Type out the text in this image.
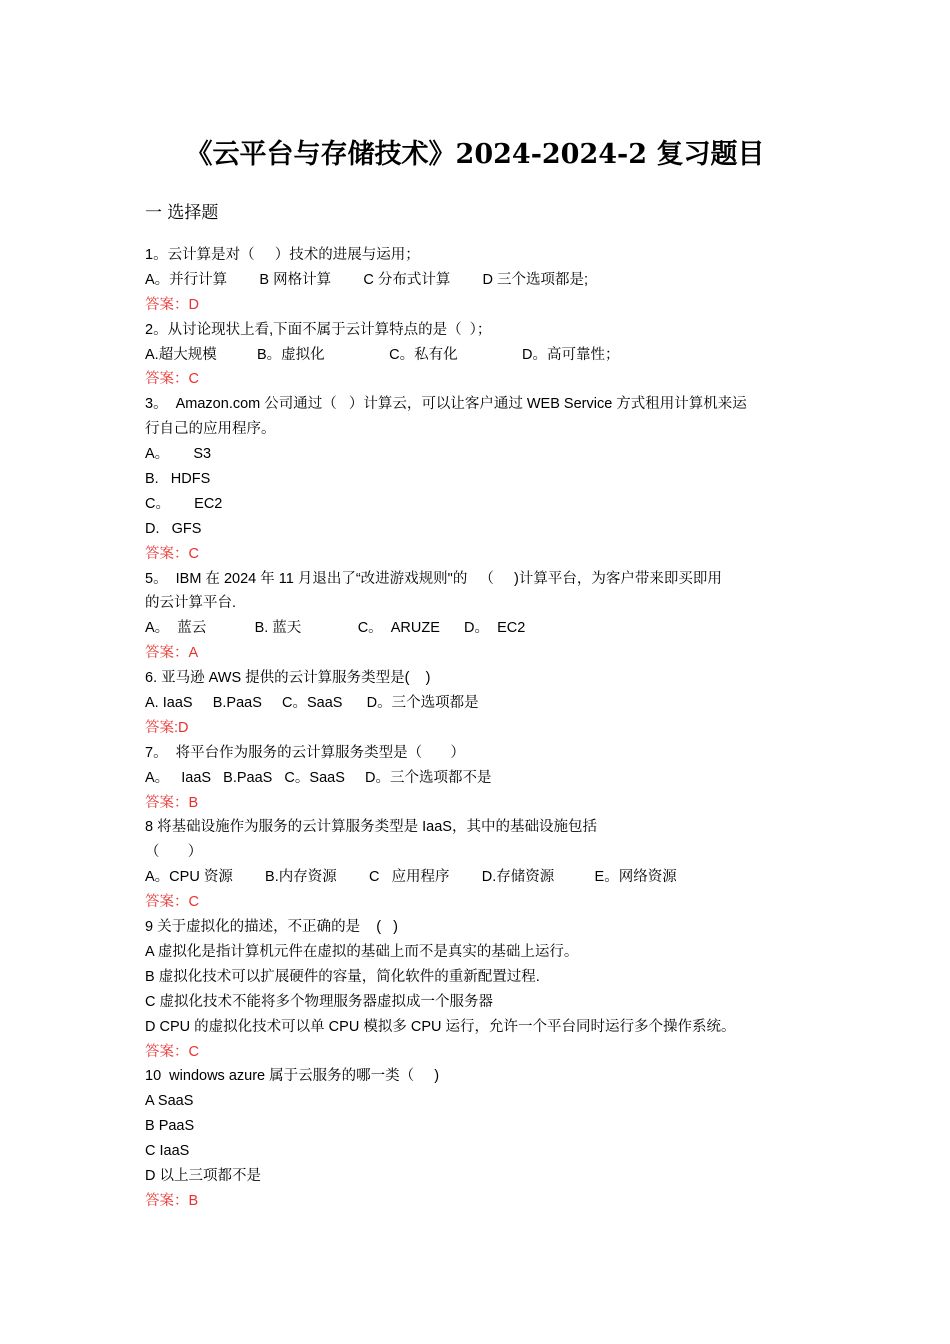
《云平台与存储技术》2024-2024-2 复习题目
一 选择题
1。云计算是对（     ）技术的进展与运用；
A。并行计算        B 网格计算        C 分布式计算        D 三个选项都是;
答案：D
2。从讨论现状上看,下面不属于云计算特点的是（  ）；
A.超大规模          B。虚拟化                C。私有化                D。高可靠性；
答案：C
3。  Amazon.com 公司通过（   ）计算云，可以让客户通过 WEB Service 方式租用计算机来运
行自己的应用程序。
A。      S3
B.   HDFS
C。      EC2
D.   GFS
答案：C
5。  IBM 在 2024 年 11 月退出了“改进游戏规则"的   （     )计算平台，为客户带来即买即用
的云计算平台.
A。  蓝云            B. 蓝天              C。  ARUZE      D。  EC2
答案：A
6. 亚马逊 AWS 提供的云计算服务类型是(    )
A. IaaS     B.PaaS     C。SaaS      D。三个选项都是
答案:D
7。  将平台作为服务的云计算服务类型是（       ）
A。   IaaS   B.PaaS   C。SaaS     D。三个选项都不是
答案：B
8 将基础设施作为服务的云计算服务类型是 IaaS，其中的基础设施包括
（       ）
A。CPU 资源        B.内存资源        C   应用程序        D.存储资源          E。网络资源
答案：C
9 关于虚拟化的描述，不正确的是    (   )
A 虚拟化是指计算机元件在虚拟的基础上而不是真实的基础上运行。
B 虚拟化技术可以扩展硬件的容量，简化软件的重新配置过程.
C 虚拟化技术不能将多个物理服务器虚拟成一个服务器
D CPU 的虚拟化技术可以单 CPU 模拟多 CPU 运行，允许一个平台同时运行多个操作系统。
答案：C
10  windows azure 属于云服务的哪一类（     )
A SaaS
B PaaS
C IaaS
D 以上三项都不是
答案：B
